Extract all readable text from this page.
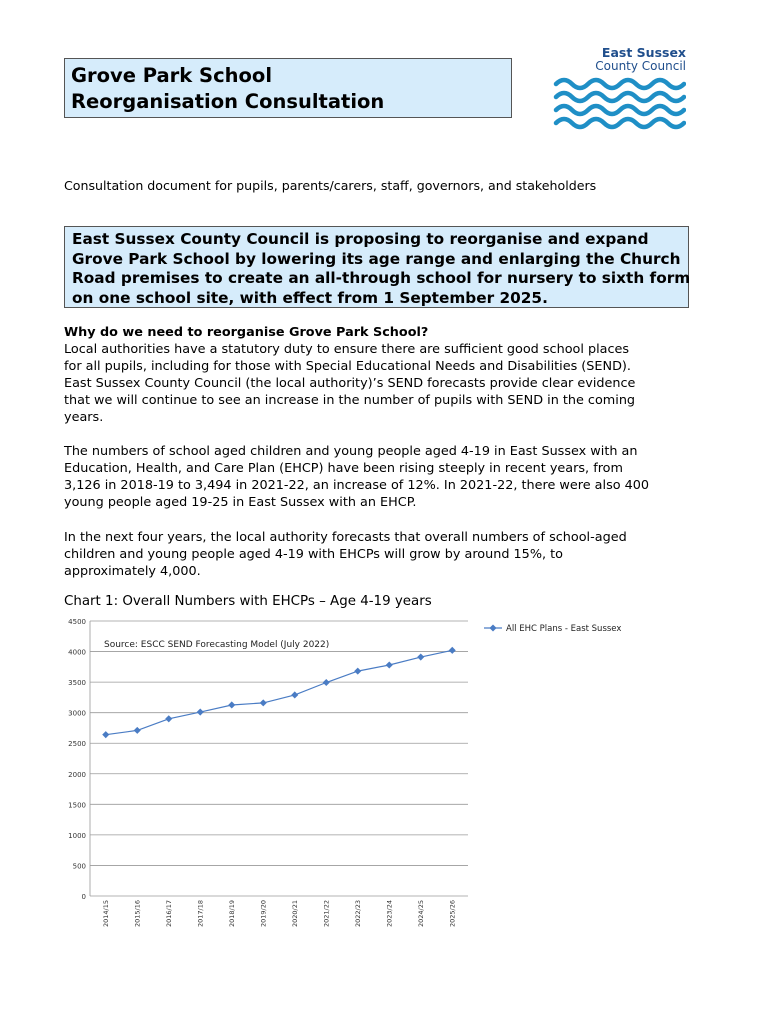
Grove Park School
Reorganisation Consultation
East Sussex
County Council
Consultation document for pupils, parents/carers, staff, governors, and stakeholders
East Sussex County Council is proposing to reorganise and expand
Grove Park School by lowering its age range and enlarging the Church
Road premises to create an all-through school for nursery to sixth form
on one school site, with effect from 1 September 2025.
Why do we need to reorganise Grove Park School?
Local authorities have a statutory duty to ensure there are sufficient good school places
for all pupils, including for those with Special Educational Needs and Disabilities (SEND).
East Sussex County Council (the local authority)’s SEND forecasts provide clear evidence
that we will continue to see an increase in the number of pupils with SEND in the coming
years.
The numbers of school aged children and young people aged 4-19 in East Sussex with an
Education, Health, and Care Plan (EHCP) have been rising steeply in recent years, from
3,126 in 2018-19 to 3,494 in 2021-22, an increase of 12%. In 2021-22, there were also 400
young people aged 19-25 in East Sussex with an EHCP.
In the next four years, the local authority forecasts that overall numbers of school-aged
children and young people aged 4-19 with EHCPs will grow by around 15%, to
approximately 4,000.
Chart 1: Overall Numbers with EHCPs – Age 4-19 years
0
500
1000
1500
2000
2500
3000
3500
4000
4500
2014/15	2015/16	2016/17	2017/18	2018/19	2019/20	2020/21	2021/22	2022/23	2023/24	2024/25	2025/26
Source: ESCC SEND Forecasting Model (July 2022)
All EHC Plans - East Sussex
